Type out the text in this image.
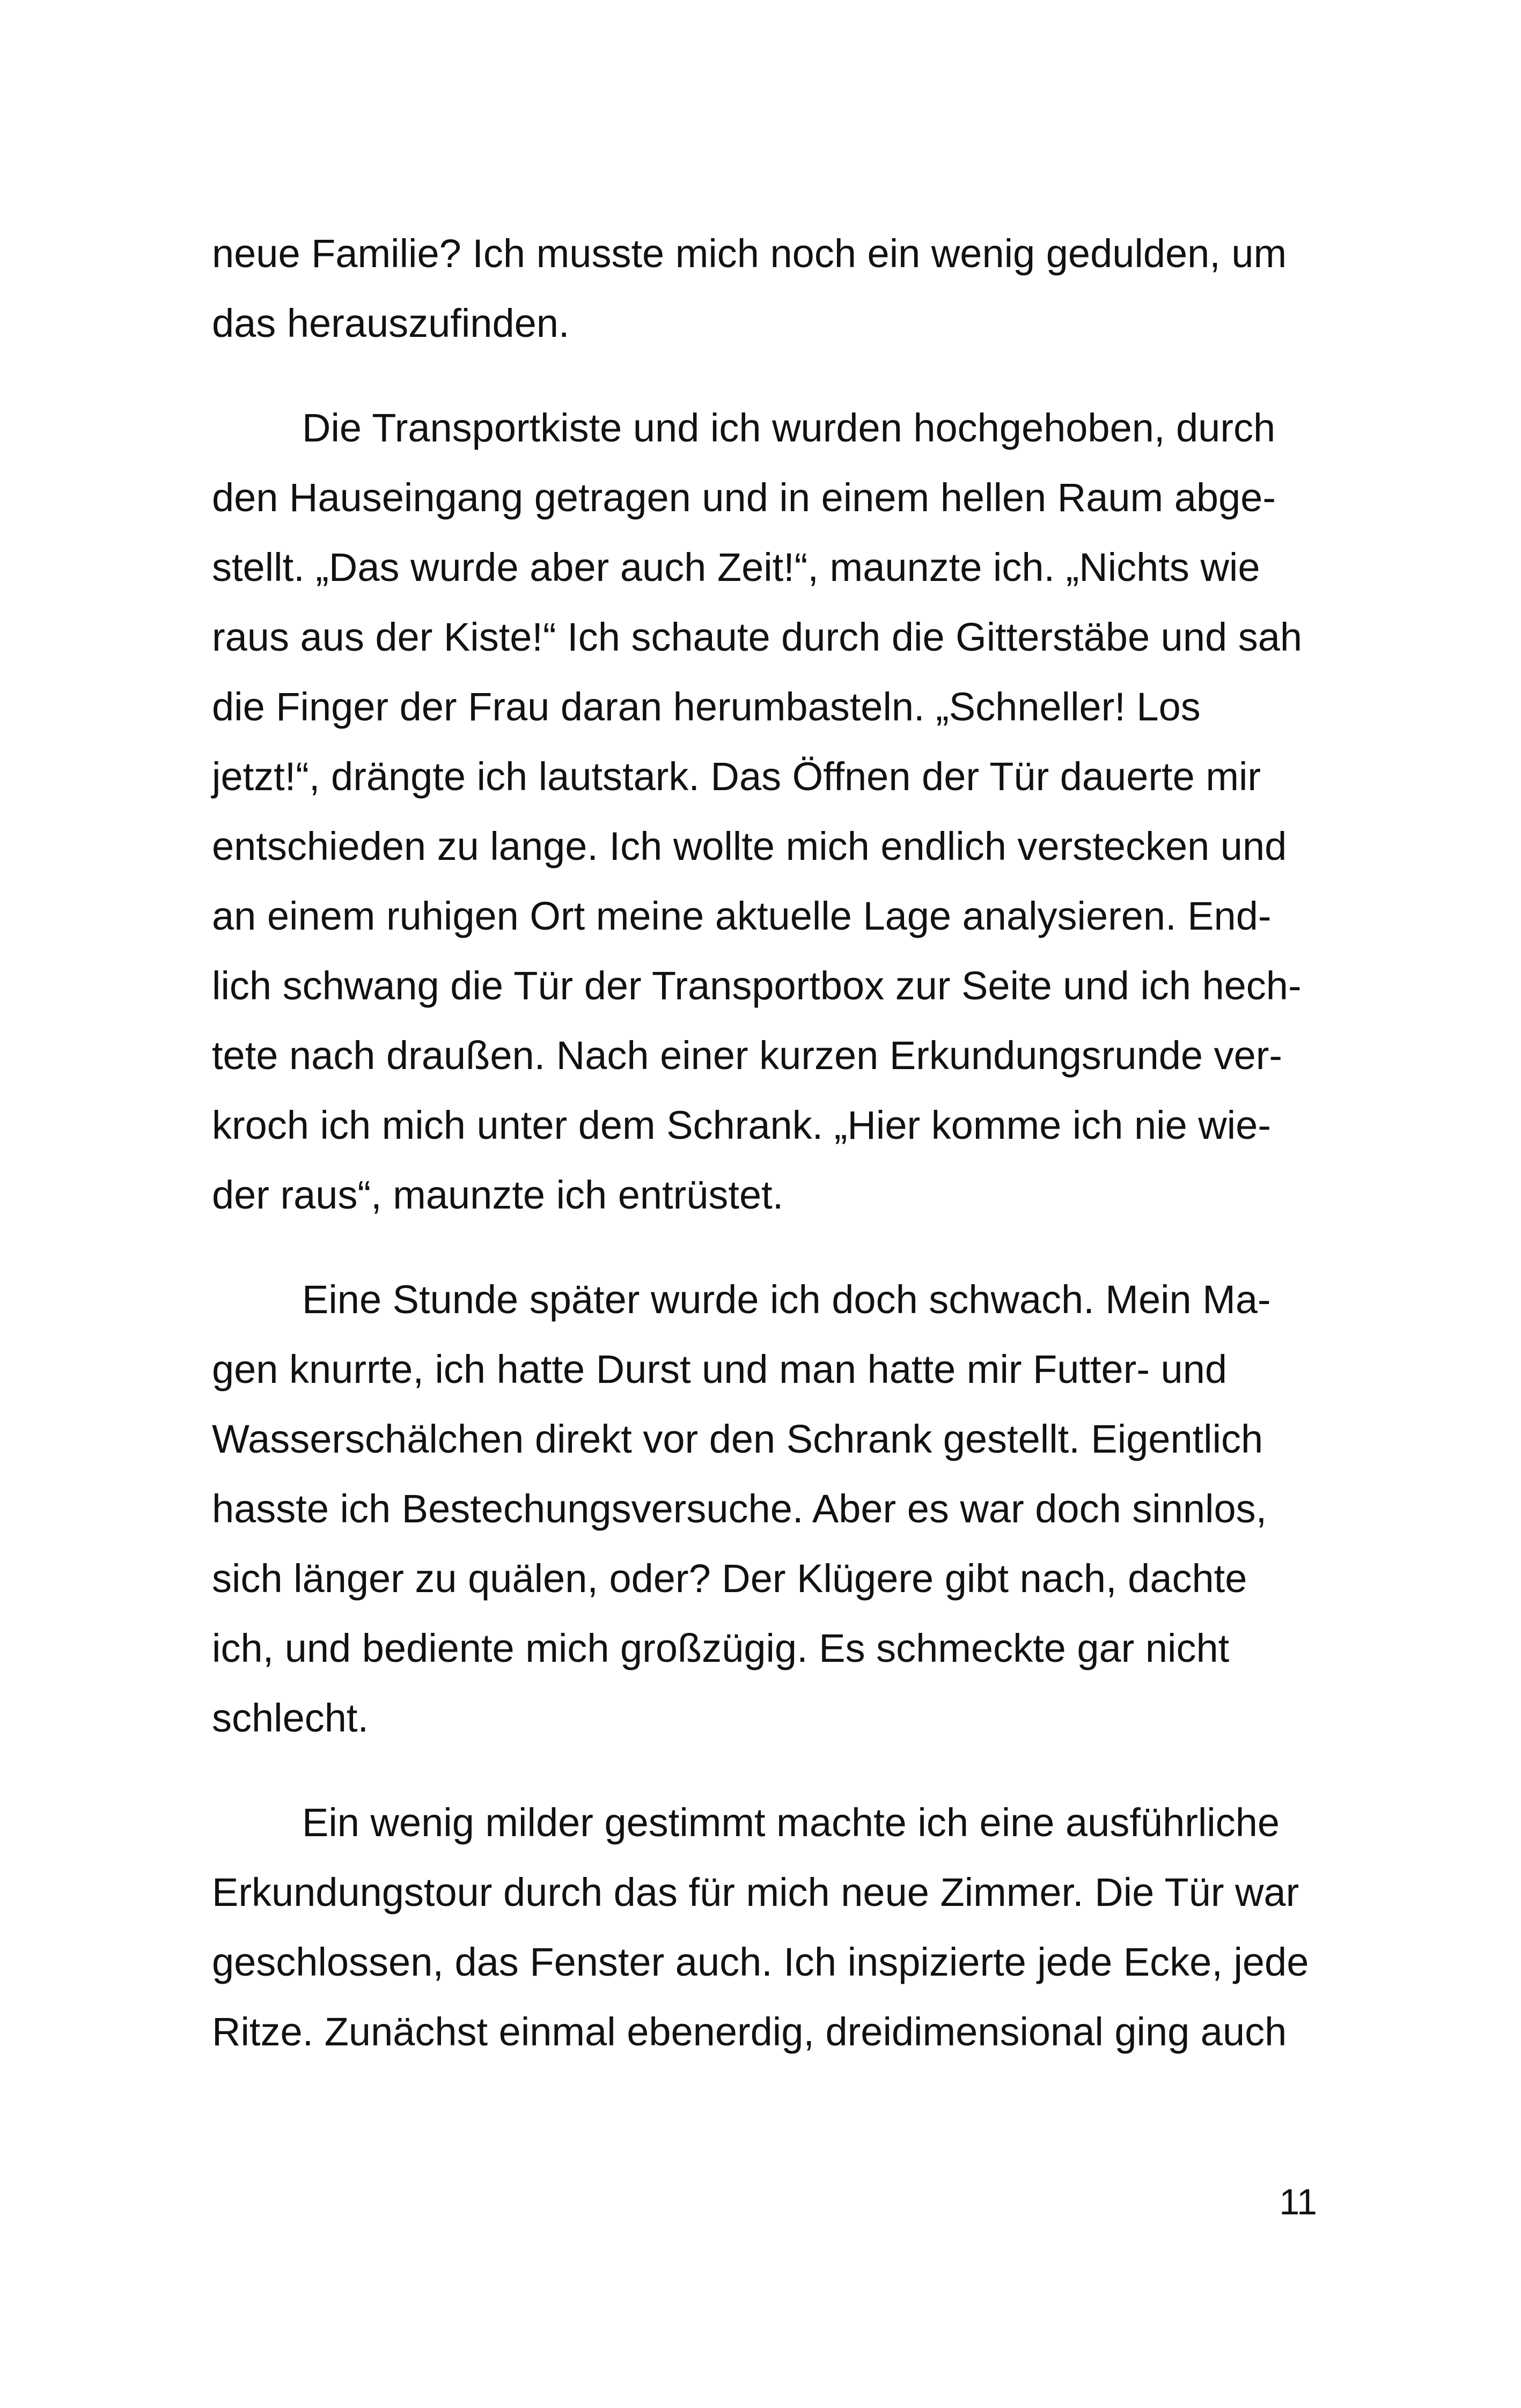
neue Familie? Ich musste mich noch ein wenig gedulden, um
das herauszufinden.
Die Transportkiste und ich wurden hochgehoben, durch
den Hauseingang getragen und in einem hellen Raum abge-
stellt. „Das wurde aber auch Zeit!“, maunzte ich. „Nichts wie
raus aus der Kiste!“ Ich schaute durch die Gitterstäbe und sah
die Finger der Frau daran herumbasteln. „Schneller! Los
jetzt!“, drängte ich lautstark. Das Öffnen der Tür dauerte mir
entschieden zu lange. Ich wollte mich endlich verstecken und
an einem ruhigen Ort meine aktuelle Lage analysieren. End-
lich schwang die Tür der Transportbox zur Seite und ich hech-
tete nach draußen. Nach einer kurzen Erkundungsrunde ver-
kroch ich mich unter dem Schrank. „Hier komme ich nie wie-
der raus“, maunzte ich entrüstet.
Eine Stunde später wurde ich doch schwach. Mein Ma-
gen knurrte, ich hatte Durst und man hatte mir Futter- und
Wasserschälchen direkt vor den Schrank gestellt. Eigentlich
hasste ich Bestechungsversuche. Aber es war doch sinnlos,
sich länger zu quälen, oder? Der Klügere gibt nach, dachte
ich, und bediente mich großzügig. Es schmeckte gar nicht
schlecht.
Ein wenig milder gestimmt machte ich eine ausführliche
Erkundungstour durch das für mich neue Zimmer. Die Tür war
geschlossen, das Fenster auch. Ich inspizierte jede Ecke, jede
Ritze. Zunächst einmal ebenerdig, dreidimensional ging auch
11
